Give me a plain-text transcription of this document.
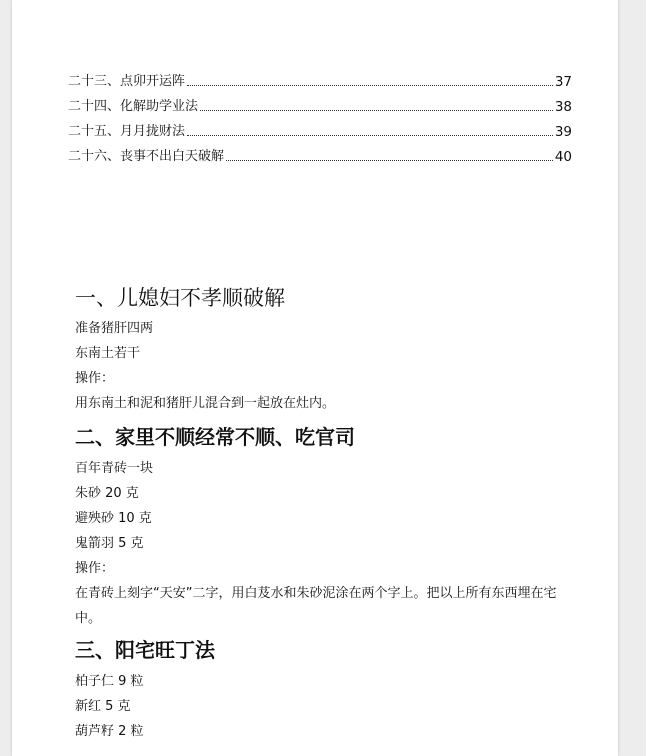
二十三、点卯开运阵	37
二十四、化解助学业法	38
二十五、月月拢财法	39
二十六、丧事不出白天破解	40
一、儿媳妇不孝顺破解
准备猪肝四两
东南土若干
操作：
用东南土和泥和猪肝儿混合到一起放在灶内。
二、家里不顺经常不顺、吃官司
百年青砖一块
朱砂 20 克
避殃砂 10 克
鬼箭羽 5 克
操作：
在青砖上刻字“天安”二字，用白芨水和朱砂泥涂在两个字上。把以上所有东西埋在宅中。
三、阳宅旺丁法
柏子仁 9 粒
新红 5 克
葫芦籽 2 粒
